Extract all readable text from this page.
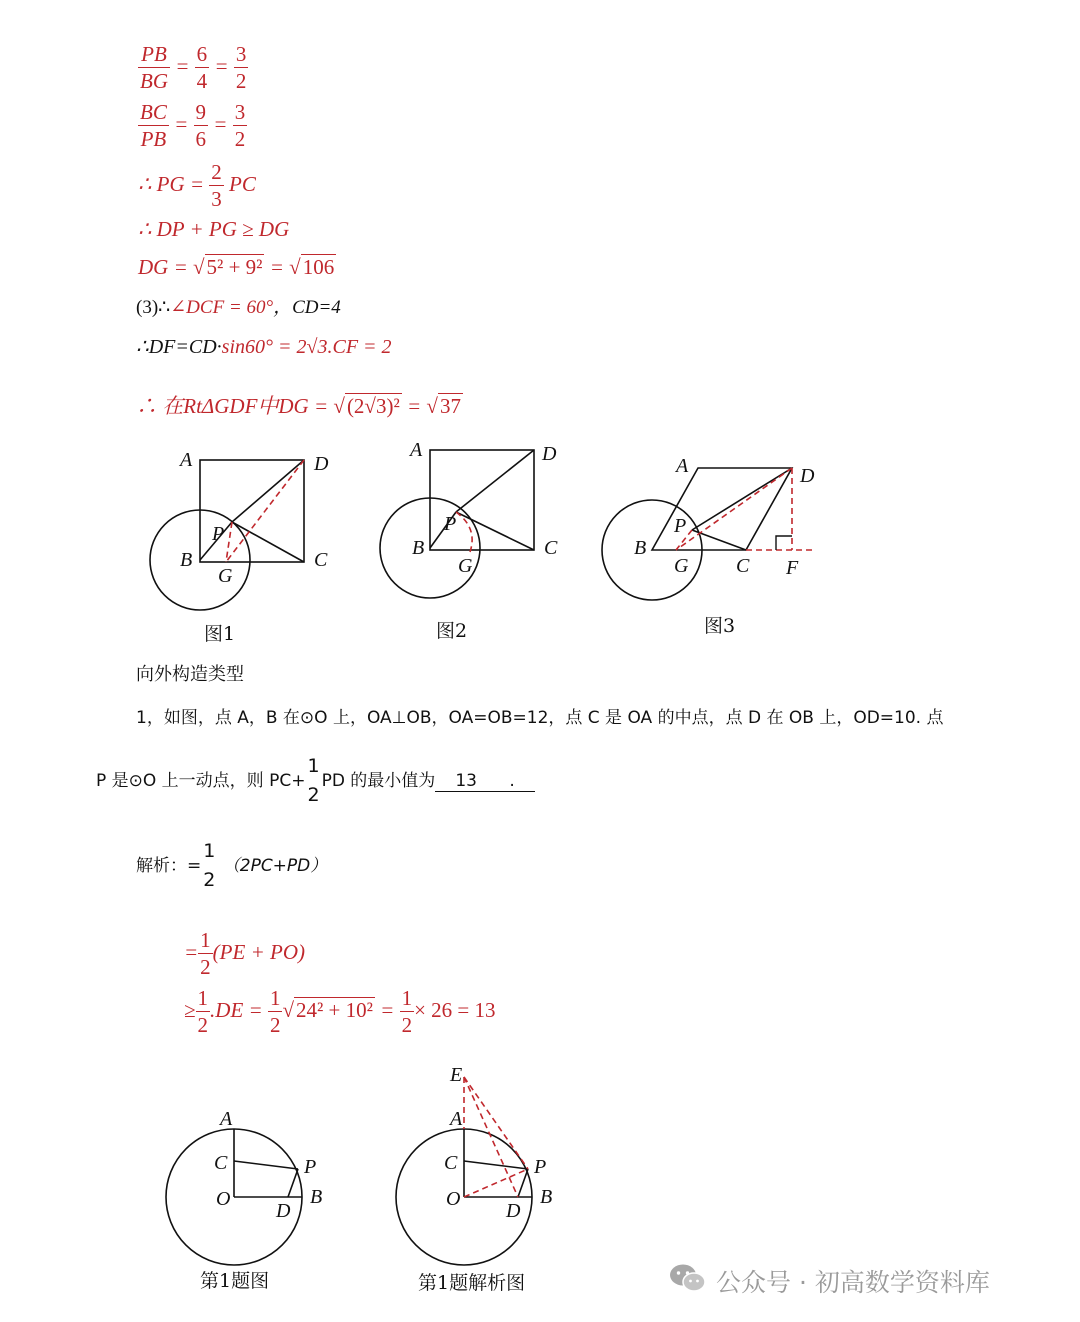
$\frac{PB}{BG} = \frac{6}{4} = \frac{3}{2}$
$\frac{BC}{PB} = \frac{9}{6} = \frac{3}{2}$
∴ PG = $\frac{2}{3}$ PC
∴ DP + PG ≥ DG
DG = √5² + 9² = √106
(3)∴∠DCF = 60°，CD=4
∴DF=CD·sin60° = 2√3.CF = 2
∴ 在RtΔGDF中DG = √(2√3)² = √37
A	D
P
B	C
G
A	D
P
B	C
G
A	D
P
B
G C F
图1	图2	图3
向外构造类型
1，如图，点 A，B 在⊙O 上，OA⊥OB，OA=OB=12，点 C 是 OA 的中点，点 D 在 OB 上，OD=10. 点
P 是⊙O 上一动点，则 PC+
1
2
PD 的最小值为 13 .
解析：=
1
2
（2PC+PD）
= $\frac{1}{2} (PE + PO)$
≥ $\frac{1}{2} .DE = \frac{1}{2} √24^2 + 10^2 = \frac{1}{2} \times 26 = 13$
A
C
O
P
B
D
E
A
C
O
P
B
D
第1题图	第1题解析图	公众号 · 初高数学资料库
